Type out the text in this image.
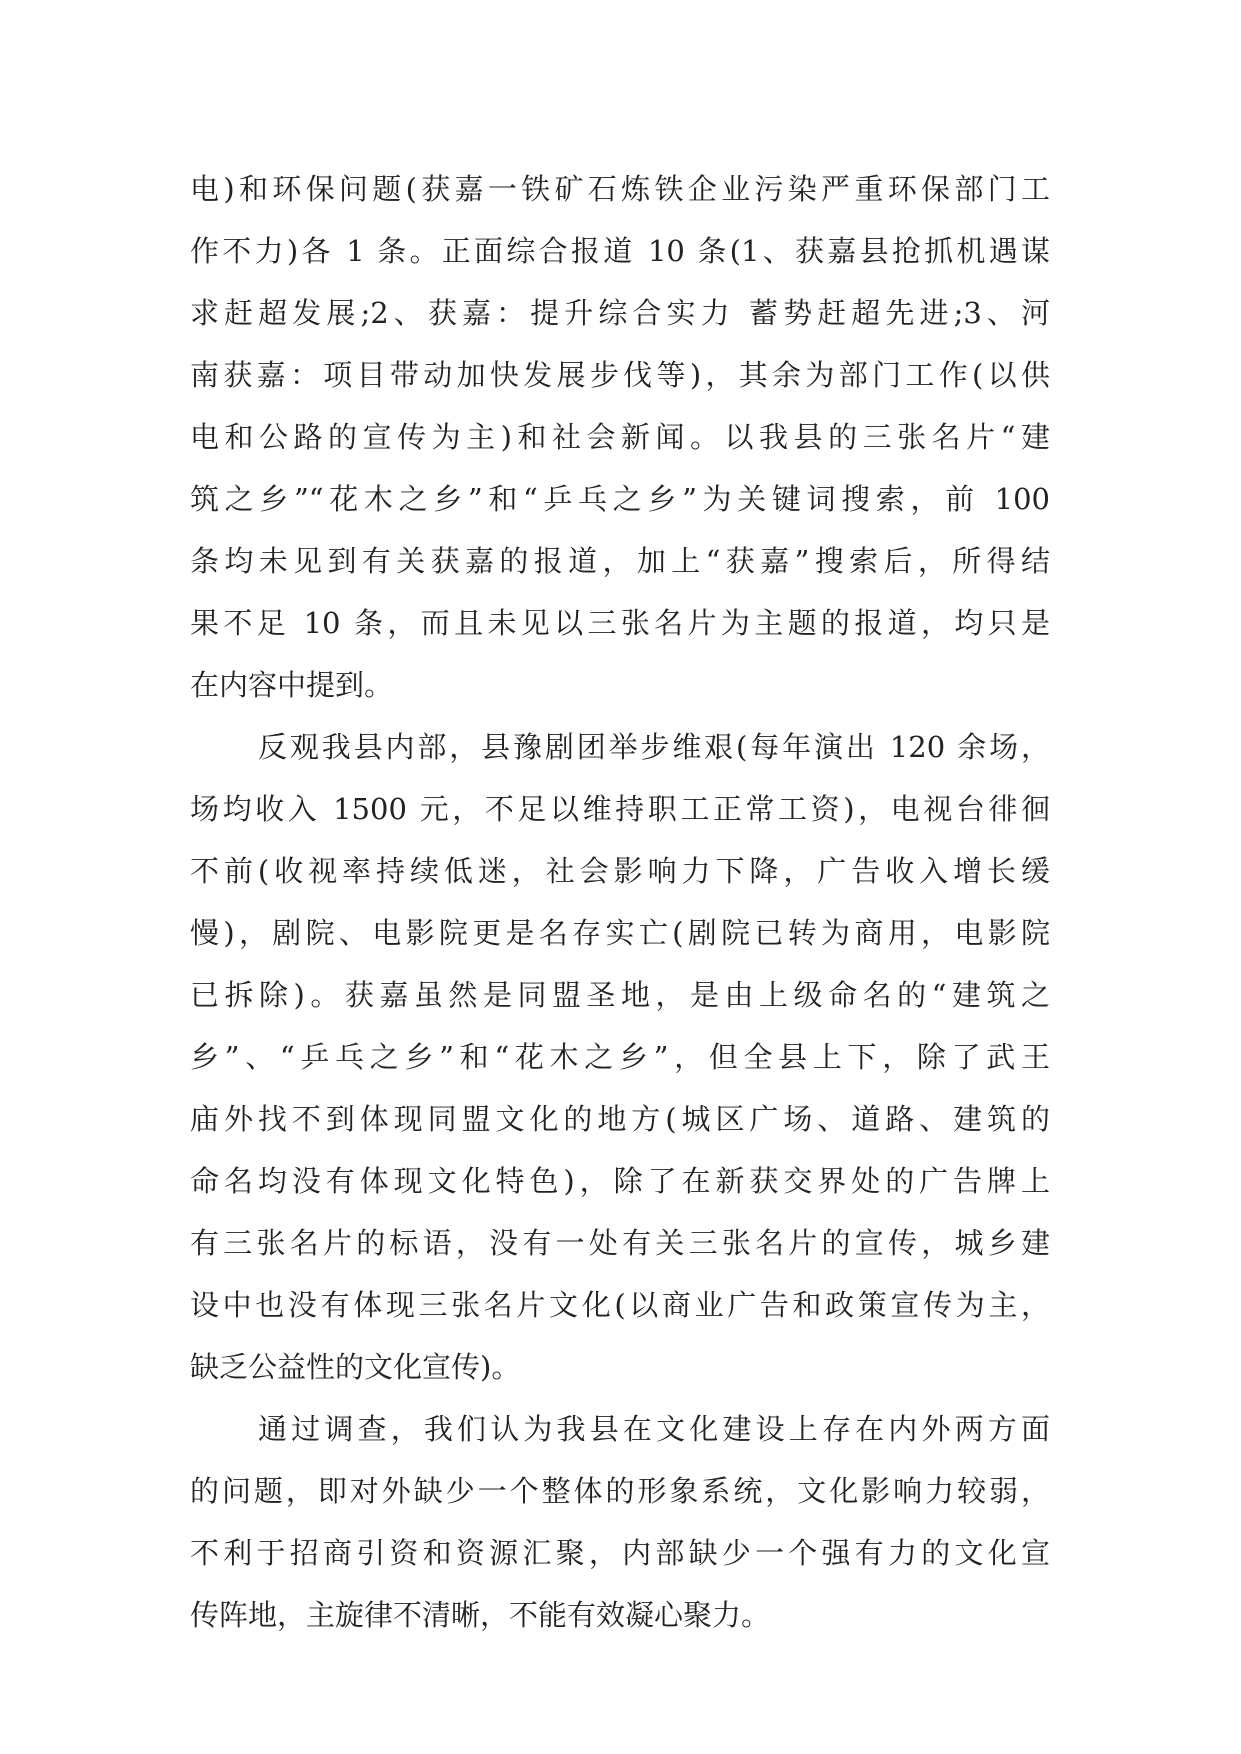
电)和环保问题(获嘉一铁矿石炼铁企业污染严重环保部门工
作不力)各 1 条。正面综合报道 10 条(1、获嘉县抢抓机遇谋
求赶超发展;2、获嘉：提升综合实力 蓄势赶超先进;3、河
南获嘉：项目带动加快发展步伐等)，其余为部门工作(以供
电和公路的宣传为主)和社会新闻。以我县的三张名片“建
筑之乡”“花木之乡”和“乒乓之乡”为关键词搜索，前 100
条均未见到有关获嘉的报道，加上“获嘉”搜索后，所得结
果不足 10 条，而且未见以三张名片为主题的报道，均只是
在内容中提到。
反观我县内部，县豫剧团举步维艰(每年演出 120 余场，
场均收入 1500 元，不足以维持职工正常工资)，电视台徘徊
不前(收视率持续低迷，社会影响力下降，广告收入增长缓
慢)，剧院、电影院更是名存实亡(剧院已转为商用，电影院
已拆除)。获嘉虽然是同盟圣地，是由上级命名的“建筑之
乡”、“乒乓之乡”和“花木之乡”，但全县上下，除了武王
庙外找不到体现同盟文化的地方(城区广场、道路、建筑的
命名均没有体现文化特色)，除了在新获交界处的广告牌上
有三张名片的标语，没有一处有关三张名片的宣传，城乡建
设中也没有体现三张名片文化(以商业广告和政策宣传为主，
缺乏公益性的文化宣传)。
通过调查，我们认为我县在文化建设上存在内外两方面
的问题，即对外缺少一个整体的形象系统，文化影响力较弱，
不利于招商引资和资源汇聚，内部缺少一个强有力的文化宣
传阵地，主旋律不清晰，不能有效凝心聚力。
